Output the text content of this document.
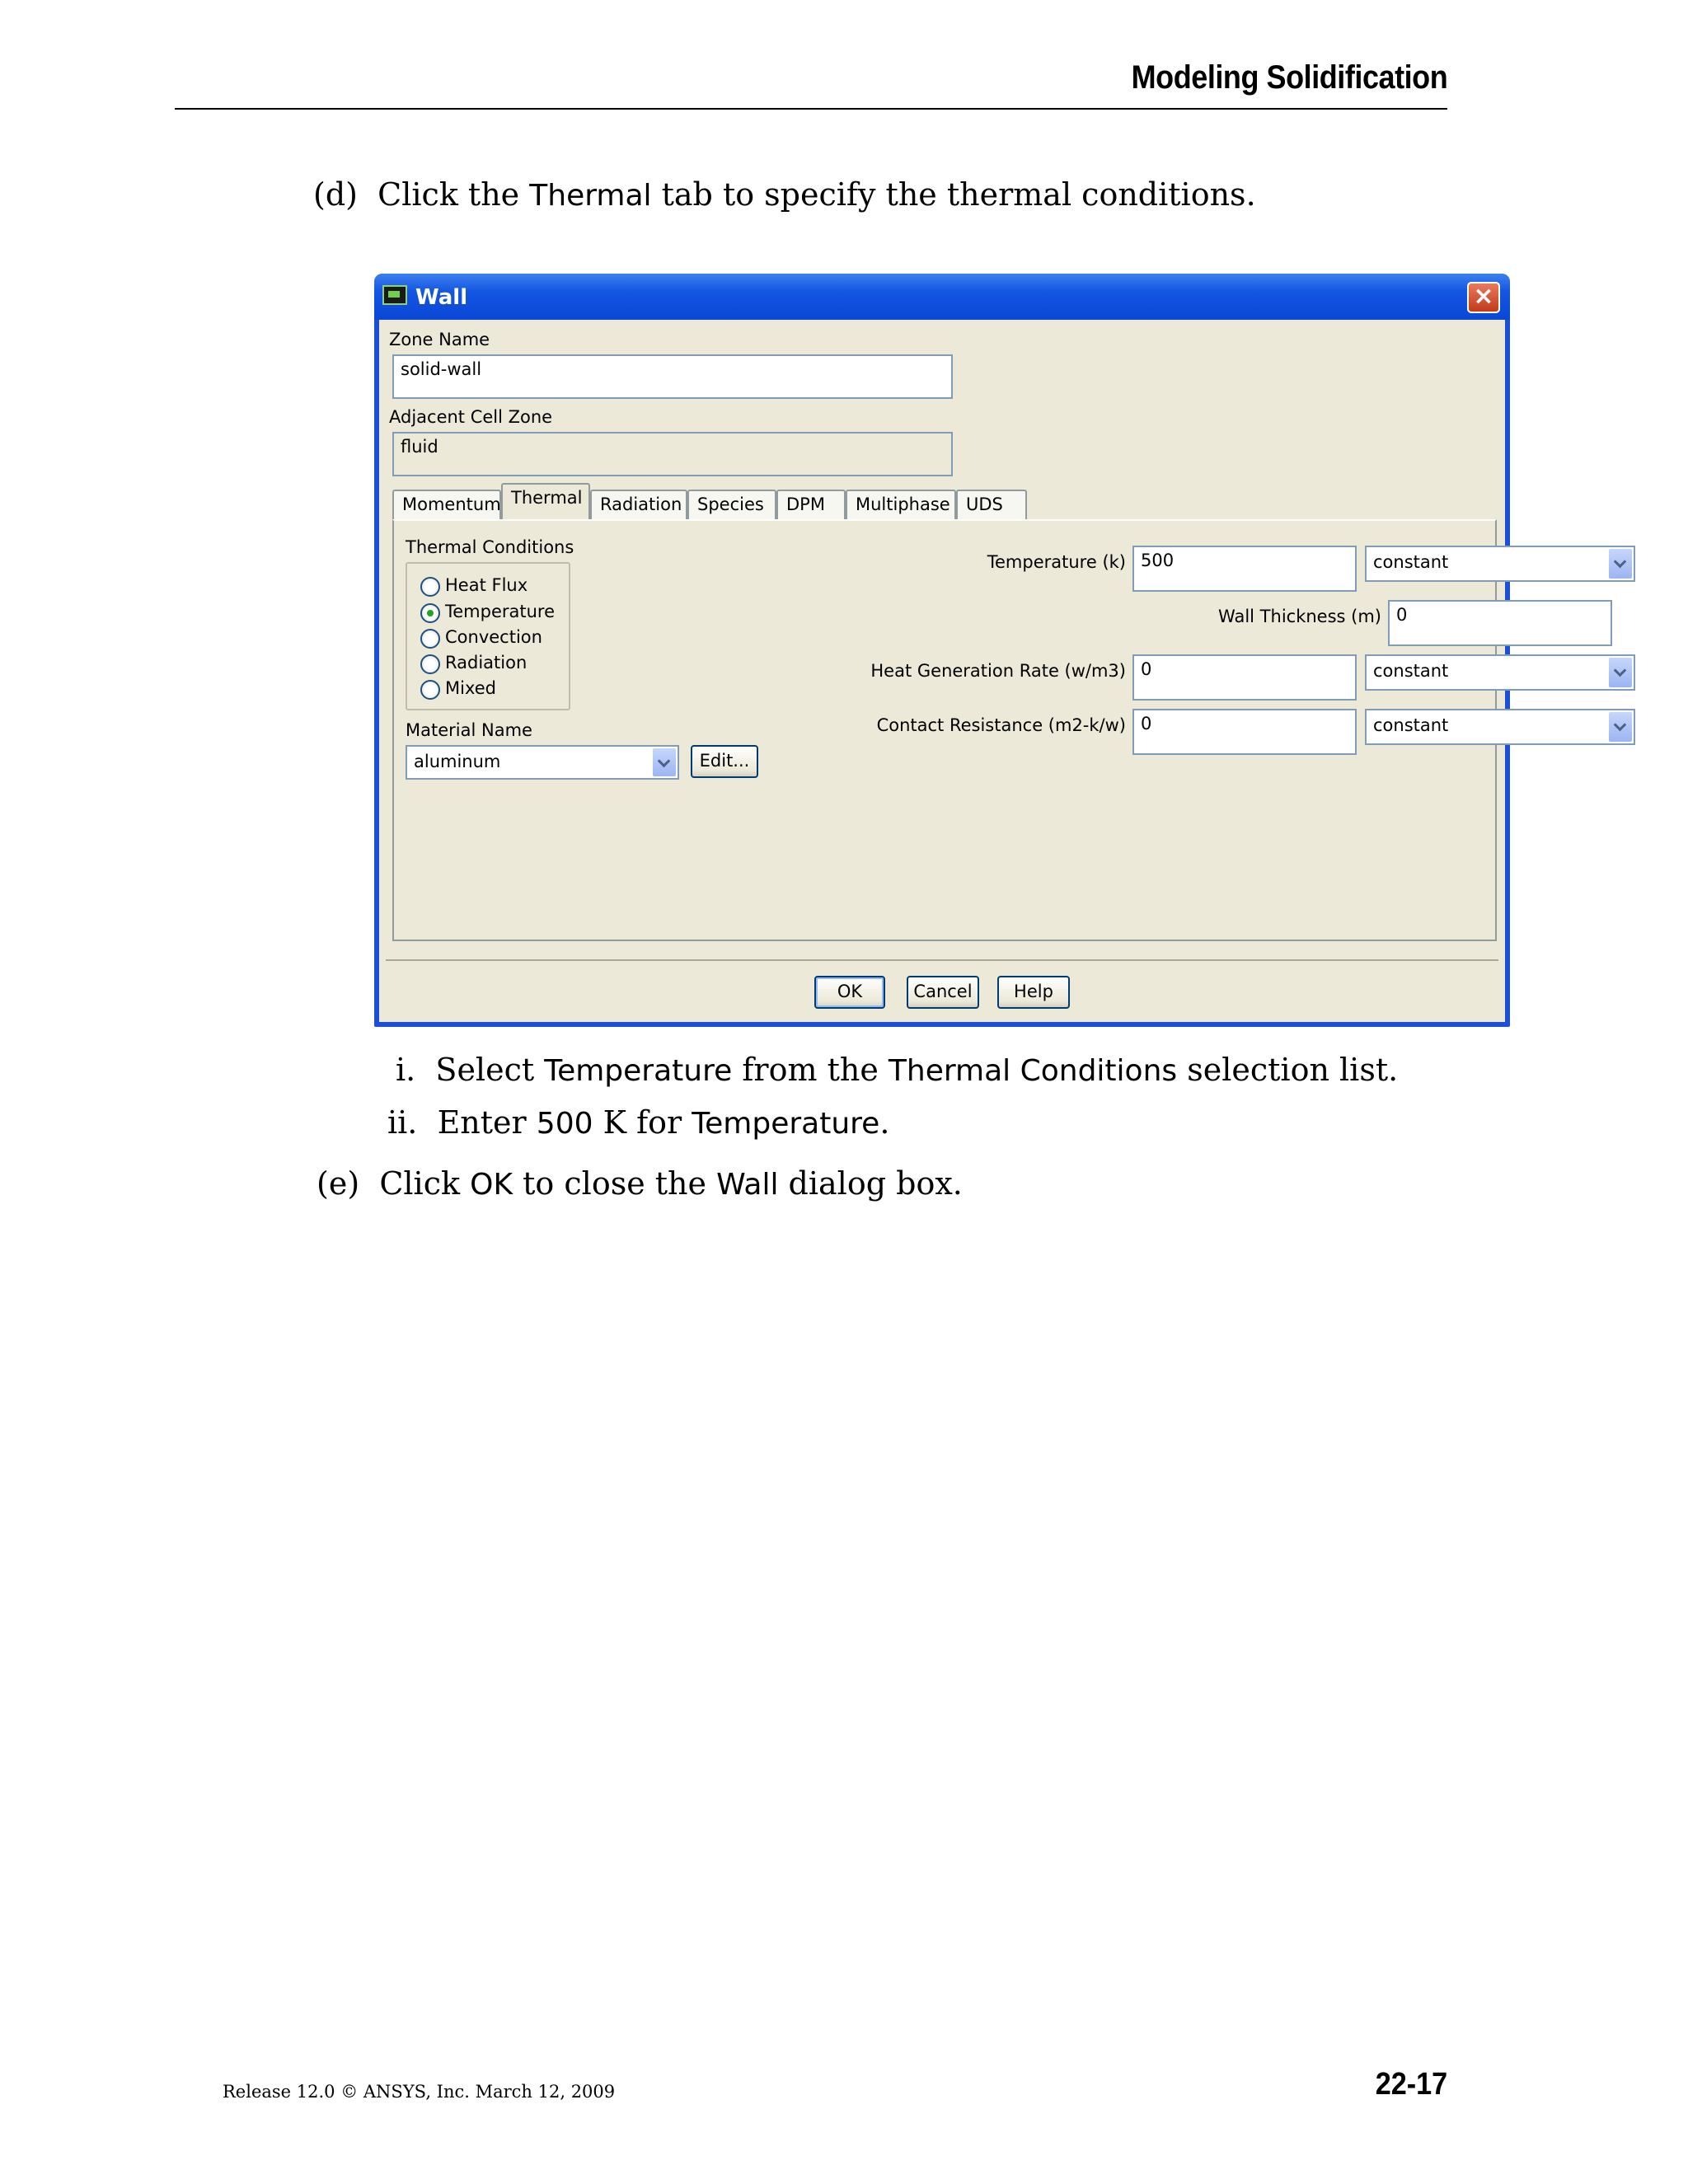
Modeling Solidification
(d) Click the Thermal tab to specify the thermal conditions.
Wall	×
Zone Name
solid-wall
Adjacent Cell Zone
fluid
Momentum Thermal	Radiation Species	DPM	Multiphase UDS
Thermal Conditions
Heat Flux
Temperature
Convection
Radiation
Mixed
Material Name
aluminum	Edit...
Temperature (k) 500	constant
Wall Thickness (m) 0
Heat Generation Rate (w/m3) 0	constant
Contact Resistance (m2-k/w) 0	constant
OK	Cancel	Help
i. Select Temperature from the Thermal Conditions selection list.
ii. Enter 500 K for Temperature.
(e) Click OK to close the Wall dialog box.
Release 12.0 © ANSYS, Inc. March 12, 2009	22-17
